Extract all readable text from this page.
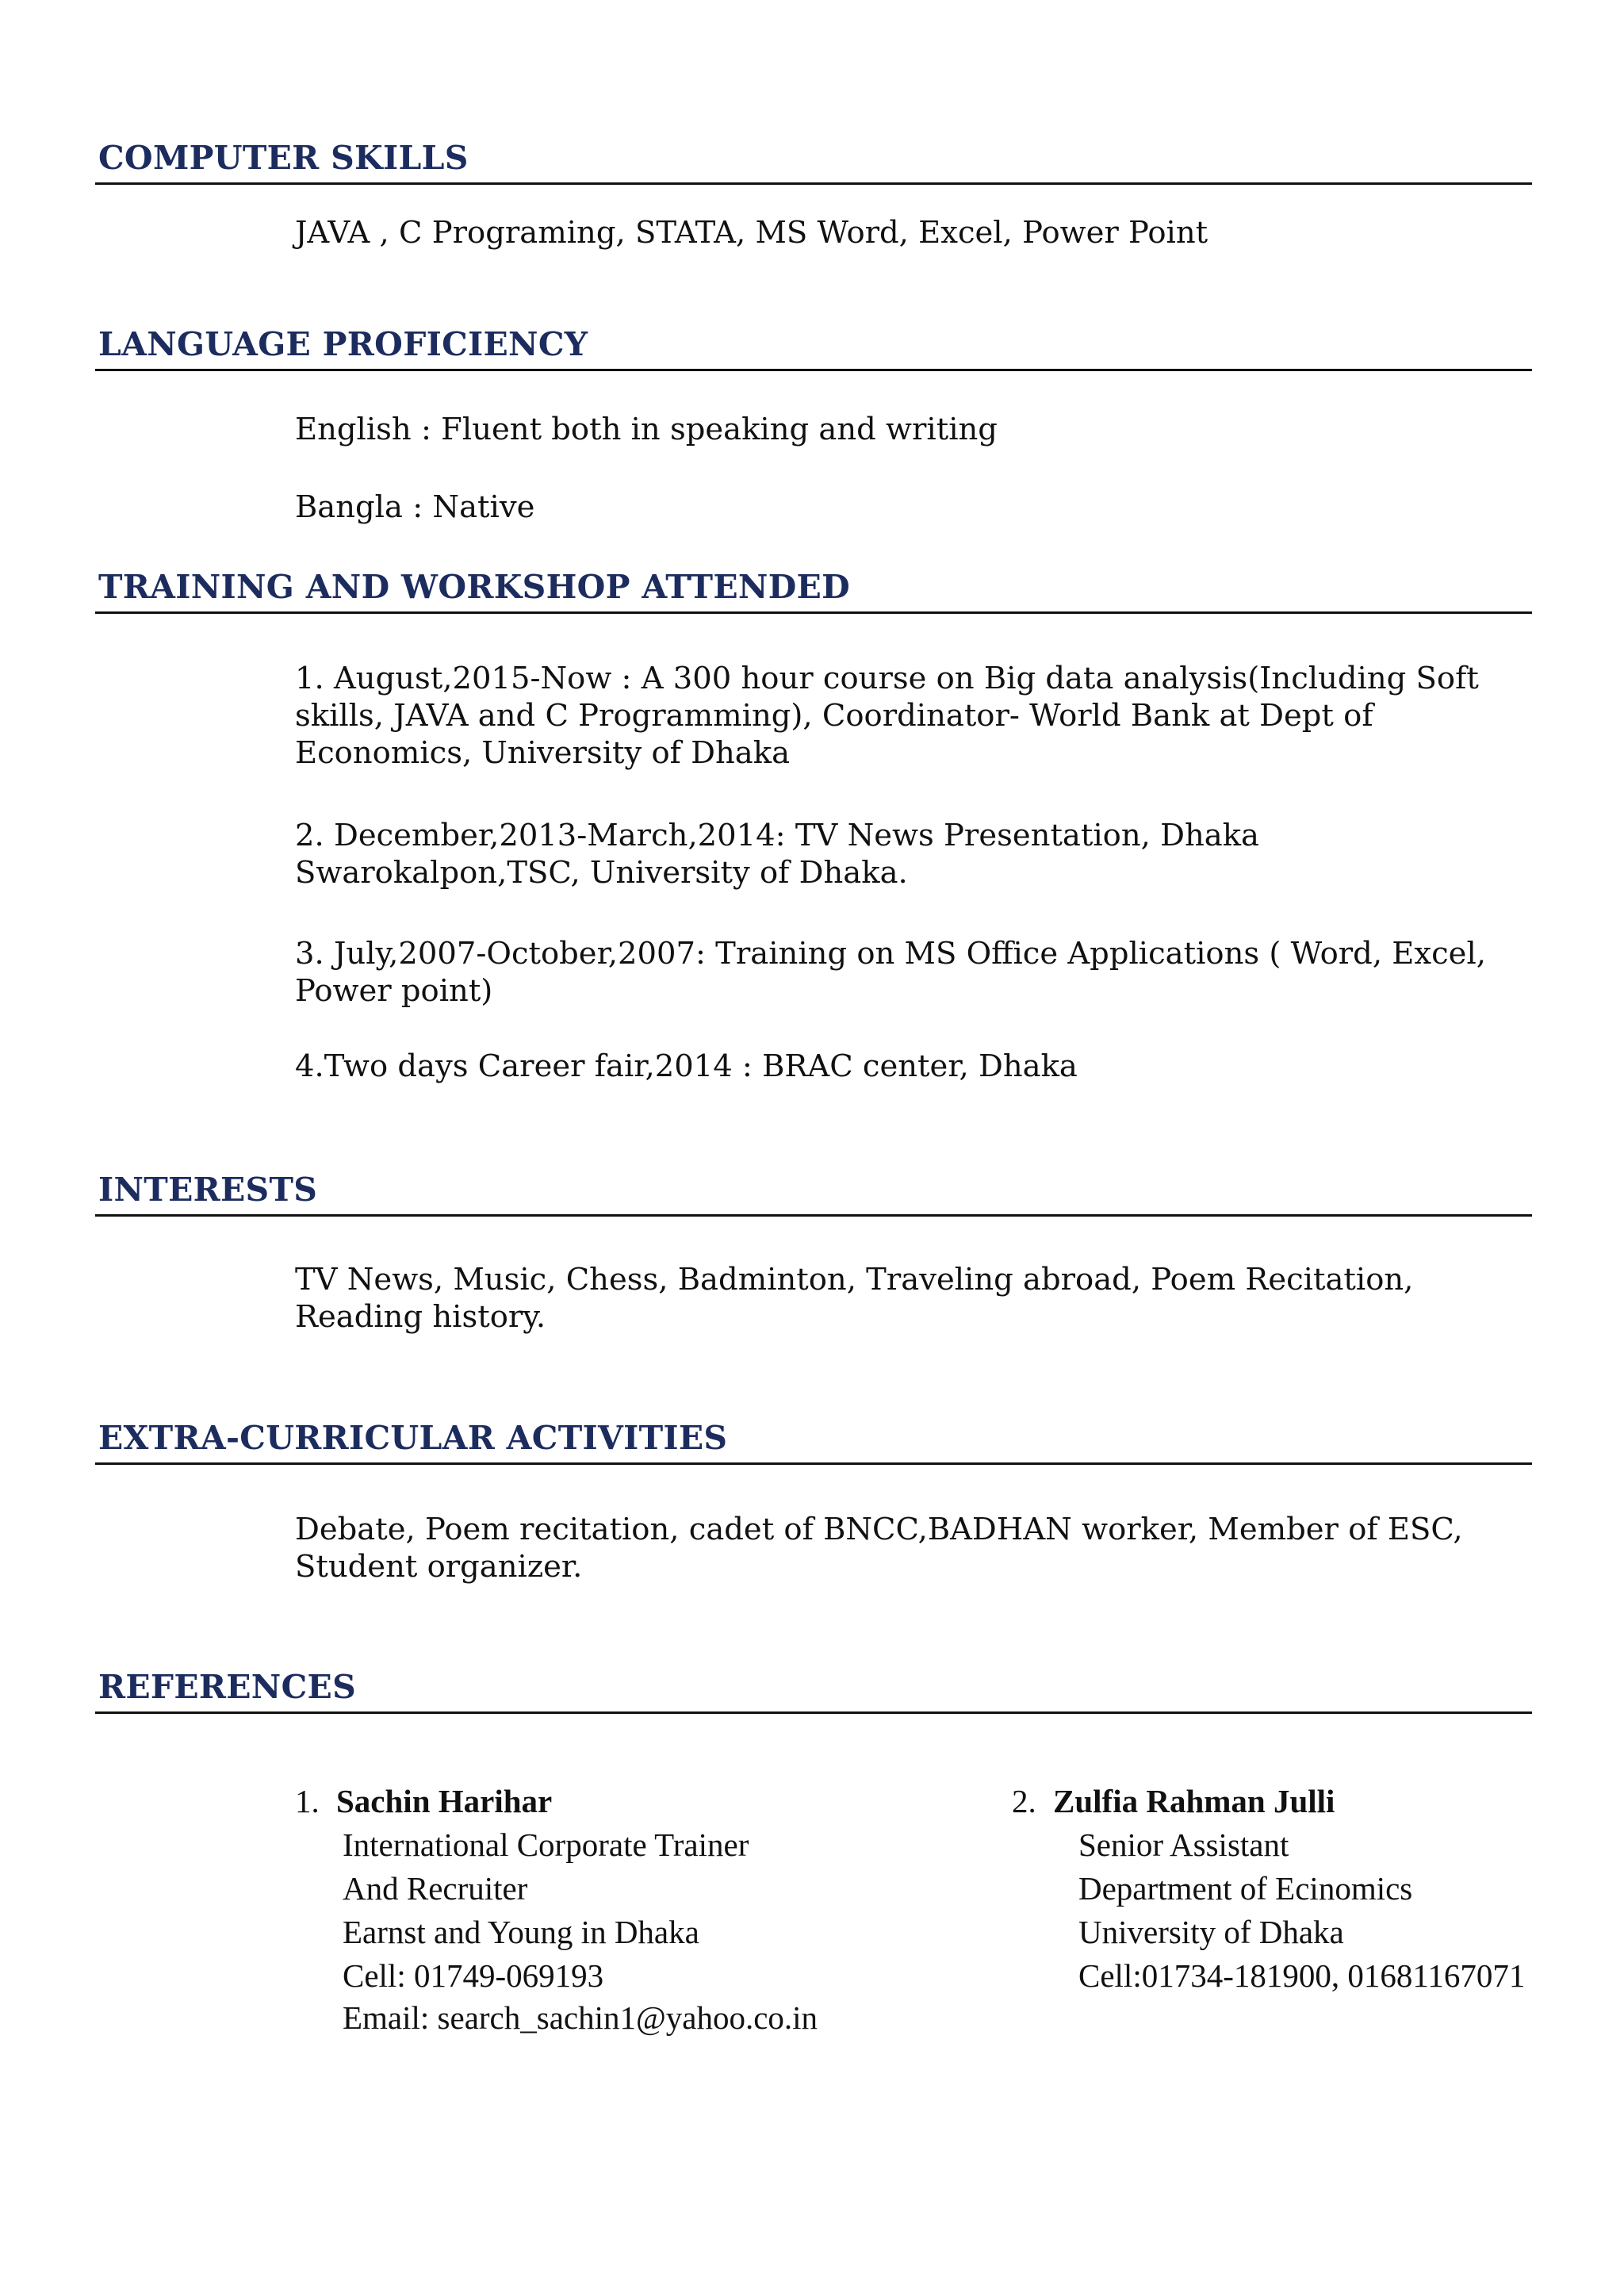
COMPUTER SKILLS

JAVA , C Programing, STATA, MS Word, Excel, Power Point

LANGUAGE PROFICIENCY

English : Fluent both in speaking and writing

Bangla : Native

TRAINING AND WORKSHOP ATTENDED

1. August,2015-Now : A 300 hour course on Big data analysis(Including Soft skills, JAVA and C Programming), Coordinator- World Bank at Dept of Economics, University of Dhaka

2. December,2013-March,2014: TV News Presentation, Dhaka Swarokalpon,TSC, University of Dhaka.

3. July,2007-October,2007: Training on MS Office Applications ( Word, Excel, Power point)

4.Two days Career fair,2014 : BRAC center, Dhaka

INTERESTS

TV News, Music, Chess, Badminton, Traveling abroad, Poem Recitation, Reading history.

EXTRA-CURRICULAR ACTIVITIES

Debate, Poem recitation, cadet of BNCC,BADHAN worker, Member of ESC, Student organizer.

REFERENCES
1. Sachin Harihar
International Corporate Trainer
And Recruiter
Earnst and Young in Dhaka
Cell: 01749-069193
Email: search_sachin1@yahoo.co.in
2. Zulfia Rahman Julli
Senior Assistant
Department of Ecinomics
University of Dhaka
Cell:01734-181900, 01681167071
